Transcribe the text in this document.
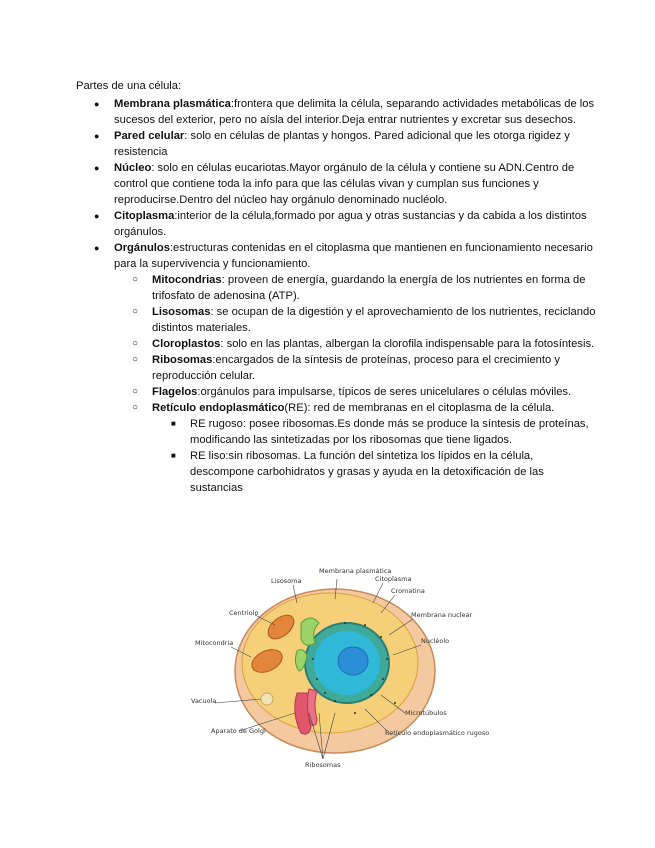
Partes de una célula:
● Membrana plasmática:frontera que delimita la célula, separando actividades metabólicas de los sucesos del exterior, pero no aísla del interior.Deja entrar nutrientes y excretar sus desechos.
● Pared celular: solo en células de plantas y hongos. Pared adicional que les otorga rigidez y resistencia
● Núcleo: solo en células eucariotas.Mayor orgánulo de la célula y contiene su ADN.Centro de control que contiene toda la info para que las células vivan y cumplan sus funciones y reproducirse.Dentro del núcleo hay orgánulo denominado nucléolo.
● Citoplasma:interior de la célula,formado por agua y otras sustancias y da cabida a los distintos orgánulos.
● Orgánulos:estructuras contenidas en el citoplasma que mantienen en funcionamiento necesario para la supervivencia y funcionamiento.
○ Mitocondrias: proveen de energía, guardando la energía de los nutrientes en forma de trifosfato de adenosina (ATP).
○ Lisosomas: se ocupan de la digestión y el aprovechamiento de los nutrientes, reciclando distintos materiales.
○ Cloroplastos: solo en las plantas, albergan la clorofila indispensable para la fotosíntesis.
○ Ribosomas:encargados de la síntesis de proteínas, proceso para el crecimiento y reproducción celular.
○ Flagelos:orgánulos para impulsarse, típicos de seres unicelulares o células móviles.
○ Retículo endoplasmático(RE): red de membranas en el citoplasma de la célula.
■ RE rugoso: posee ribosomas.Es donde más se produce la síntesis de proteínas, modificando las sintetizadas por los ribosomas que tiene ligados.
■ RE liso:sin ribosomas. La función del sintetiza los lípidos en la célula, descompone carbohidratos y grasas y ayuda en la detoxificación de las sustancias
Lisosoma
Membrana plasmática
Citoplasma
Cromatina
Centriolo	Membrana nuclear
Mitocondria	Nucléolo
Vacuola
Microtúbulos
Aparato de Golgi	Retículo endoplasmático rugoso
Ribosomas
